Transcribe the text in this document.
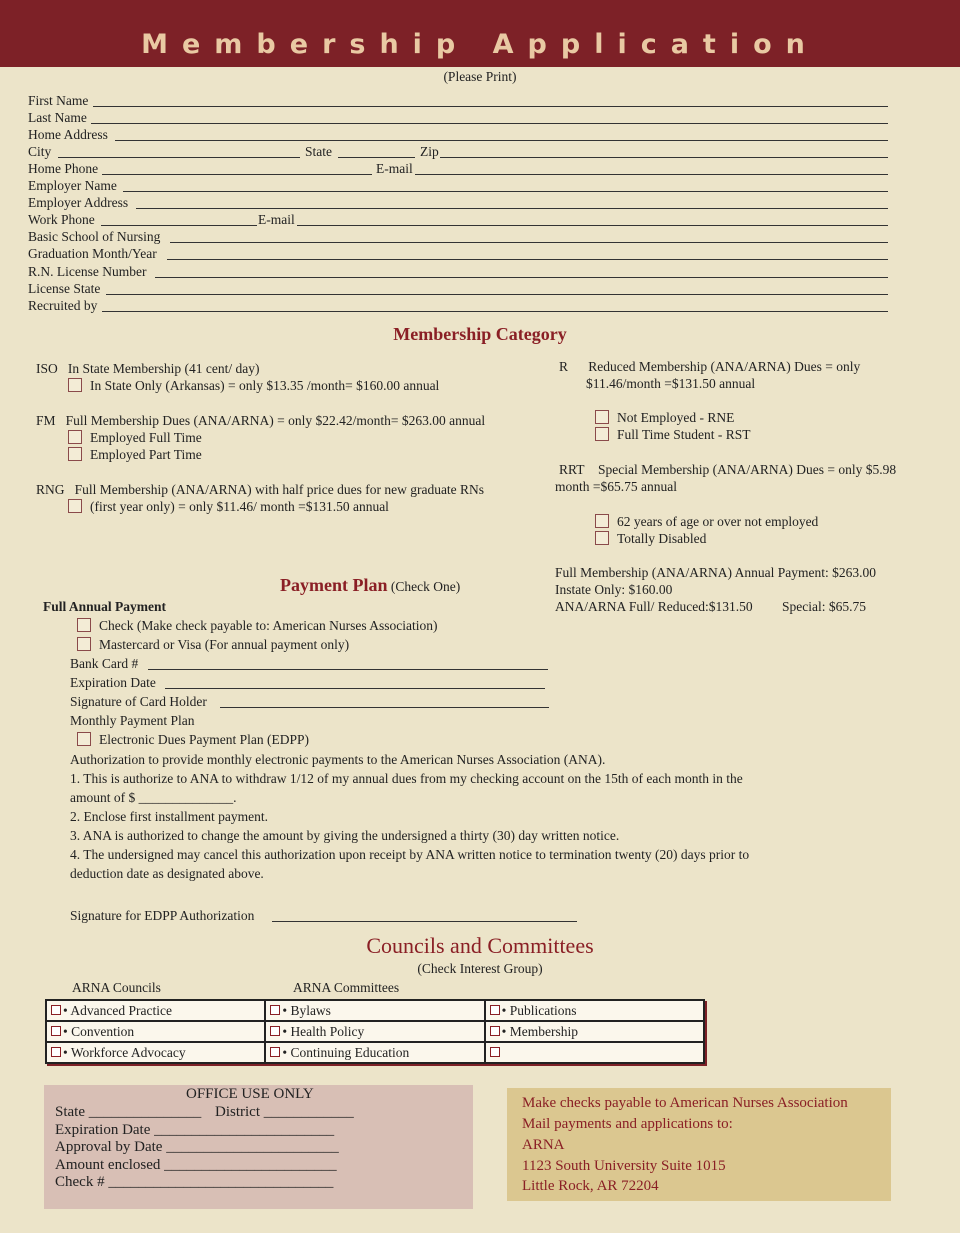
Membership Application
(Please Print)
First Name
Last Name
Home Address
City	State	Zip
Home Phone	E-mail
Employer Name
Employer Address
Work Phone	E-mail
Basic School of Nursing
Graduation Month/Year
R.N. License Number
License State
Recruited by
Membership Category
ISO In State Membership (41 cent/ day)
In State Only (Arkansas) = only $13.35 /month= $160.00 annual
FM Full Membership Dues (ANA/ARNA) = only $22.42/month= $263.00 annual
Employed Full Time
Employed Part Time
RNG Full Membership (ANA/ARNA) with half price dues for new graduate RNs
(first year only) = only $11.46/ month =$131.50 annual
R Reduced Membership (ANA/ARNA) Dues = only
$11.46/month =$131.50 annual
Not Employed - RNE
Full Time Student - RST
RRT Special Membership (ANA/ARNA) Dues = only $5.98
month =$65.75 annual
62 years of age or over not employed
Totally Disabled
Full Membership (ANA/ARNA) Annual Payment: $263.00
Instate Only: $160.00
ANA/ARNA Full/ Reduced:$131.50 Special: $65.75
Payment Plan (Check One)
Full Annual Payment
Check (Make check payable to: American Nurses Association)
Mastercard or Visa (For annual payment only)
Bank Card #
Expiration Date
Signature of Card Holder
Monthly Payment Plan
Electronic Dues Payment Plan (EDPP)
Authorization to provide monthly electronic payments to the American Nurses Association (ANA).
1. This is authorize to ANA to withdraw 1/12 of my annual dues from my checking account on the 15th of each month in the
amount of $ ______________.
2. Enclose first installment payment.
3. ANA is authorized to change the amount by giving the undersigned a thirty (30) day written notice.
4. The undersigned may cancel this authorization upon receipt by ANA written notice to termination twenty (20) days prior to
deduction date as designated above.
Signature for EDPP Authorization
Councils and Committees
(Check Interest Group)
ARNA Councils	ARNA Committees
• Advanced Practice	• Bylaws	• Publications
• Convention	• Health Policy	• Membership
• Workforce Advocacy	• Continuing Education	
OFFICE USE ONLY
State _______________ District ____________
Expiration Date ________________________
Approval by Date _______________________
Amount enclosed _______________________
Check # ______________________________
Make checks payable to American Nurses Association
Mail payments and applications to:
ARNA
1123 South University Suite 1015
Little Rock, AR 72204
